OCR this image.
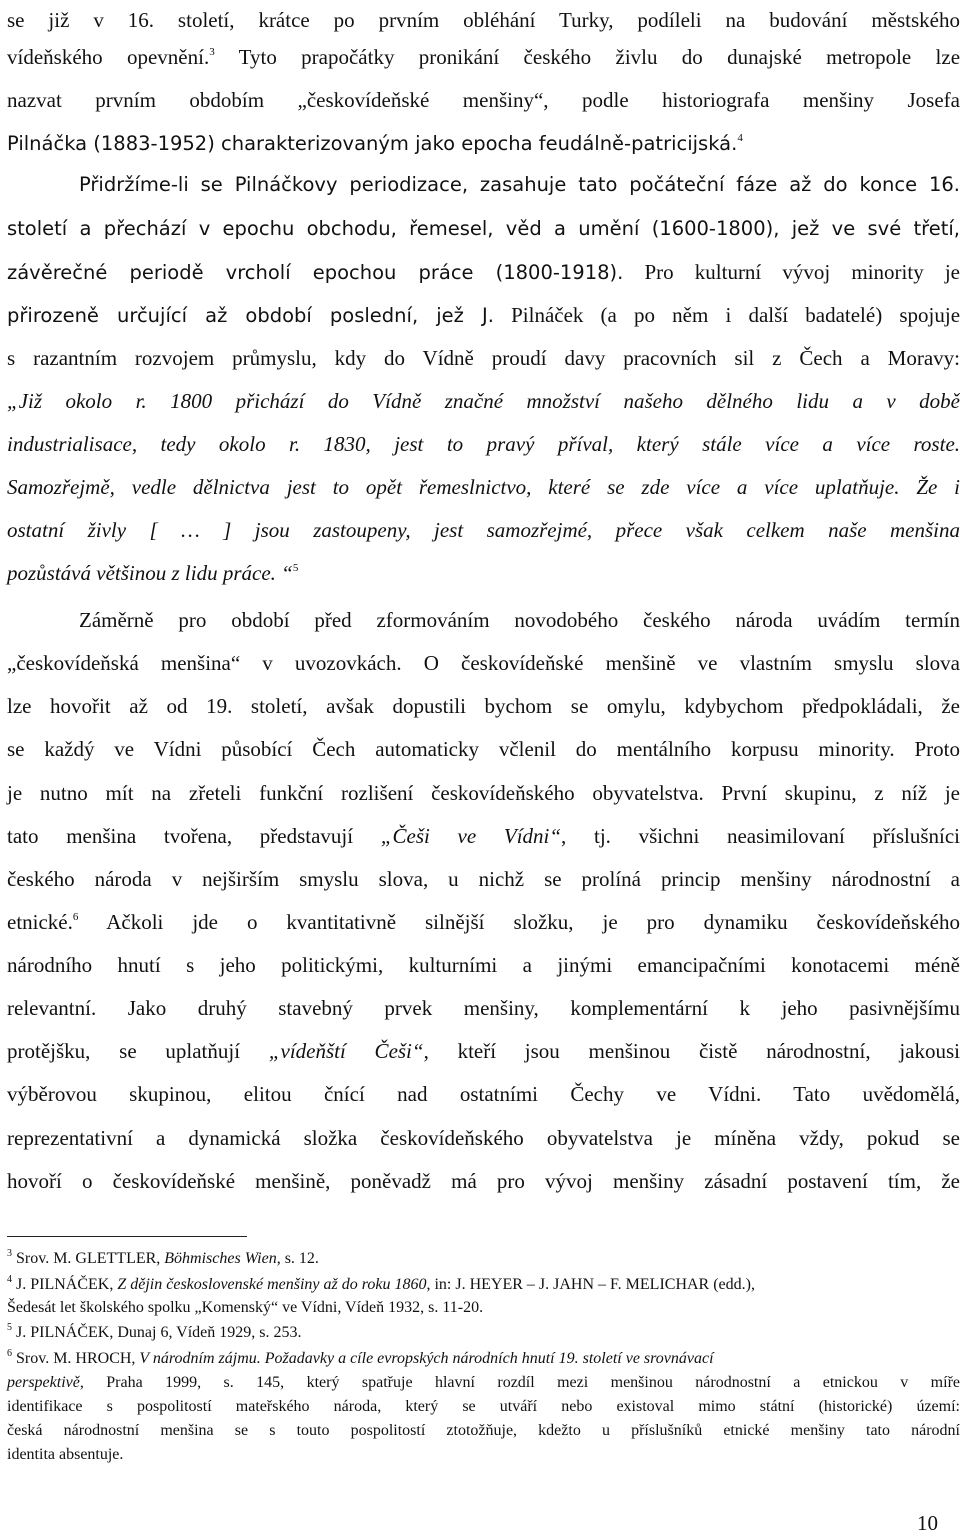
se již v 16. století, krátce po prvním obléhání Turky, podíleli na budování městského
vídeňského opevnění.$^3$ Tyto prapočátky pronikání českého živlu do dunajské metropole lze
nazvat prvním obdobím „českovídeňské menšiny“, podle historiografa menšiny Josefa
Pilnáčka (1883-1952) charakterizovaným jako epocha feudálně-patricijská.$^4$
Přidržíme-li se Pilnáčkovy periodizace, zasahuje tato počáteční fáze až do konce 16.
století a přechází v epochu obchodu, řemesel, věd a umění (1600-1800), jež ve své třetí,
závěrečné periodě vrcholí epochou práce (1800-1918). Pro kulturní vývoj minority je
přirozeně určující až období poslední, jež J. Pilnáček (a po něm i další badatelé) spojuje
s razantním rozvojem průmyslu, kdy do Vídně proudí davy pracovních sil z Čech a Moravy:
„Již okolo r. 1800 přichází do Vídně značné množství našeho dělného lidu a v době
industrialisace, tedy okolo r. 1830, jest to pravý příval, který stále více a více roste.
Samozřejmě, vedle dělnictva jest to opět řemeslnictvo, které se zde více a více uplatňuje. Že i
ostatní živly [ … ] jsou zastoupeny, jest samozřejmé, přece však celkem naše menšina
pozůstává většinou z lidu práce. “$^5$
Záměrně pro období před zformováním novodobého českého národa uvádím termín
„českovídeňská menšina“ v uvozovkách. O českovídeňské menšině ve vlastním smyslu slova
lze hovořit až od 19. století, avšak dopustili bychom se omylu, kdybychom předpokládali, že
se každý ve Vídni působící Čech automaticky včlenil do mentálního korpusu minority. Proto
je nutno mít na zřeteli funkční rozlišení českovídeňského obyvatelstva. První skupinu, z níž je
tato menšina tvořena, představují „Češi ve Vídni“, tj. všichni neasimilovaní příslušníci
českého národa v nejširším smyslu slova, u nichž se prolíná princip menšiny národnostní a
etnické.$^6$ Ačkoli jde o kvantitativně silnější složku, je pro dynamiku českovídeňského
národního hnutí s jeho politickými, kulturními a jinými emancipačními konotacemi méně
relevantní. Jako druhý stavebný prvek menšiny, komplementární k jeho pasivnějšímu
protějšku, se uplatňují „vídeňští Češi“, kteří jsou menšinou čistě národnostní, jakousi
výběrovou skupinou, elitou čnící nad ostatními Čechy ve Vídni. Tato uvědomělá,
reprezentativní a dynamická složka českovídeňského obyvatelstva je míněna vždy, pokud se
hovoří o českovídeňské menšině, poněvadž má pro vývoj menšiny zásadní postavení tím, že
$^3$ Srov. M. GLETTLER, Böhmisches Wien, s. 12.
$^4$ J. PILNÁČEK, Z dějin československé menšiny až do roku 1860, in: J. HEYER – J. JAHN – F. MELICHAR (edd.),
Šedesát let školského spolku „Komenský“ ve Vídni, Vídeň 1932, s. 11-20.
$^5$ J. PILNÁČEK, Dunaj 6, Vídeň 1929, s. 253.
$^6$ Srov. M. HROCH, V národním zájmu. Požadavky a cíle evropských národních hnutí 19. století ve srovnávací
perspektivě, Praha 1999, s. 145, který spatřuje hlavní rozdíl mezi menšinou národnostní a etnickou v míře
identifikace s pospolitostí mateřského národa, který se utváří nebo existoval mimo státní (historické) území:
česká národnostní menšina se s touto pospolitostí ztotožňuje, kdežto u příslušníků etnické menšiny tato národní
identita absentuje.
10
